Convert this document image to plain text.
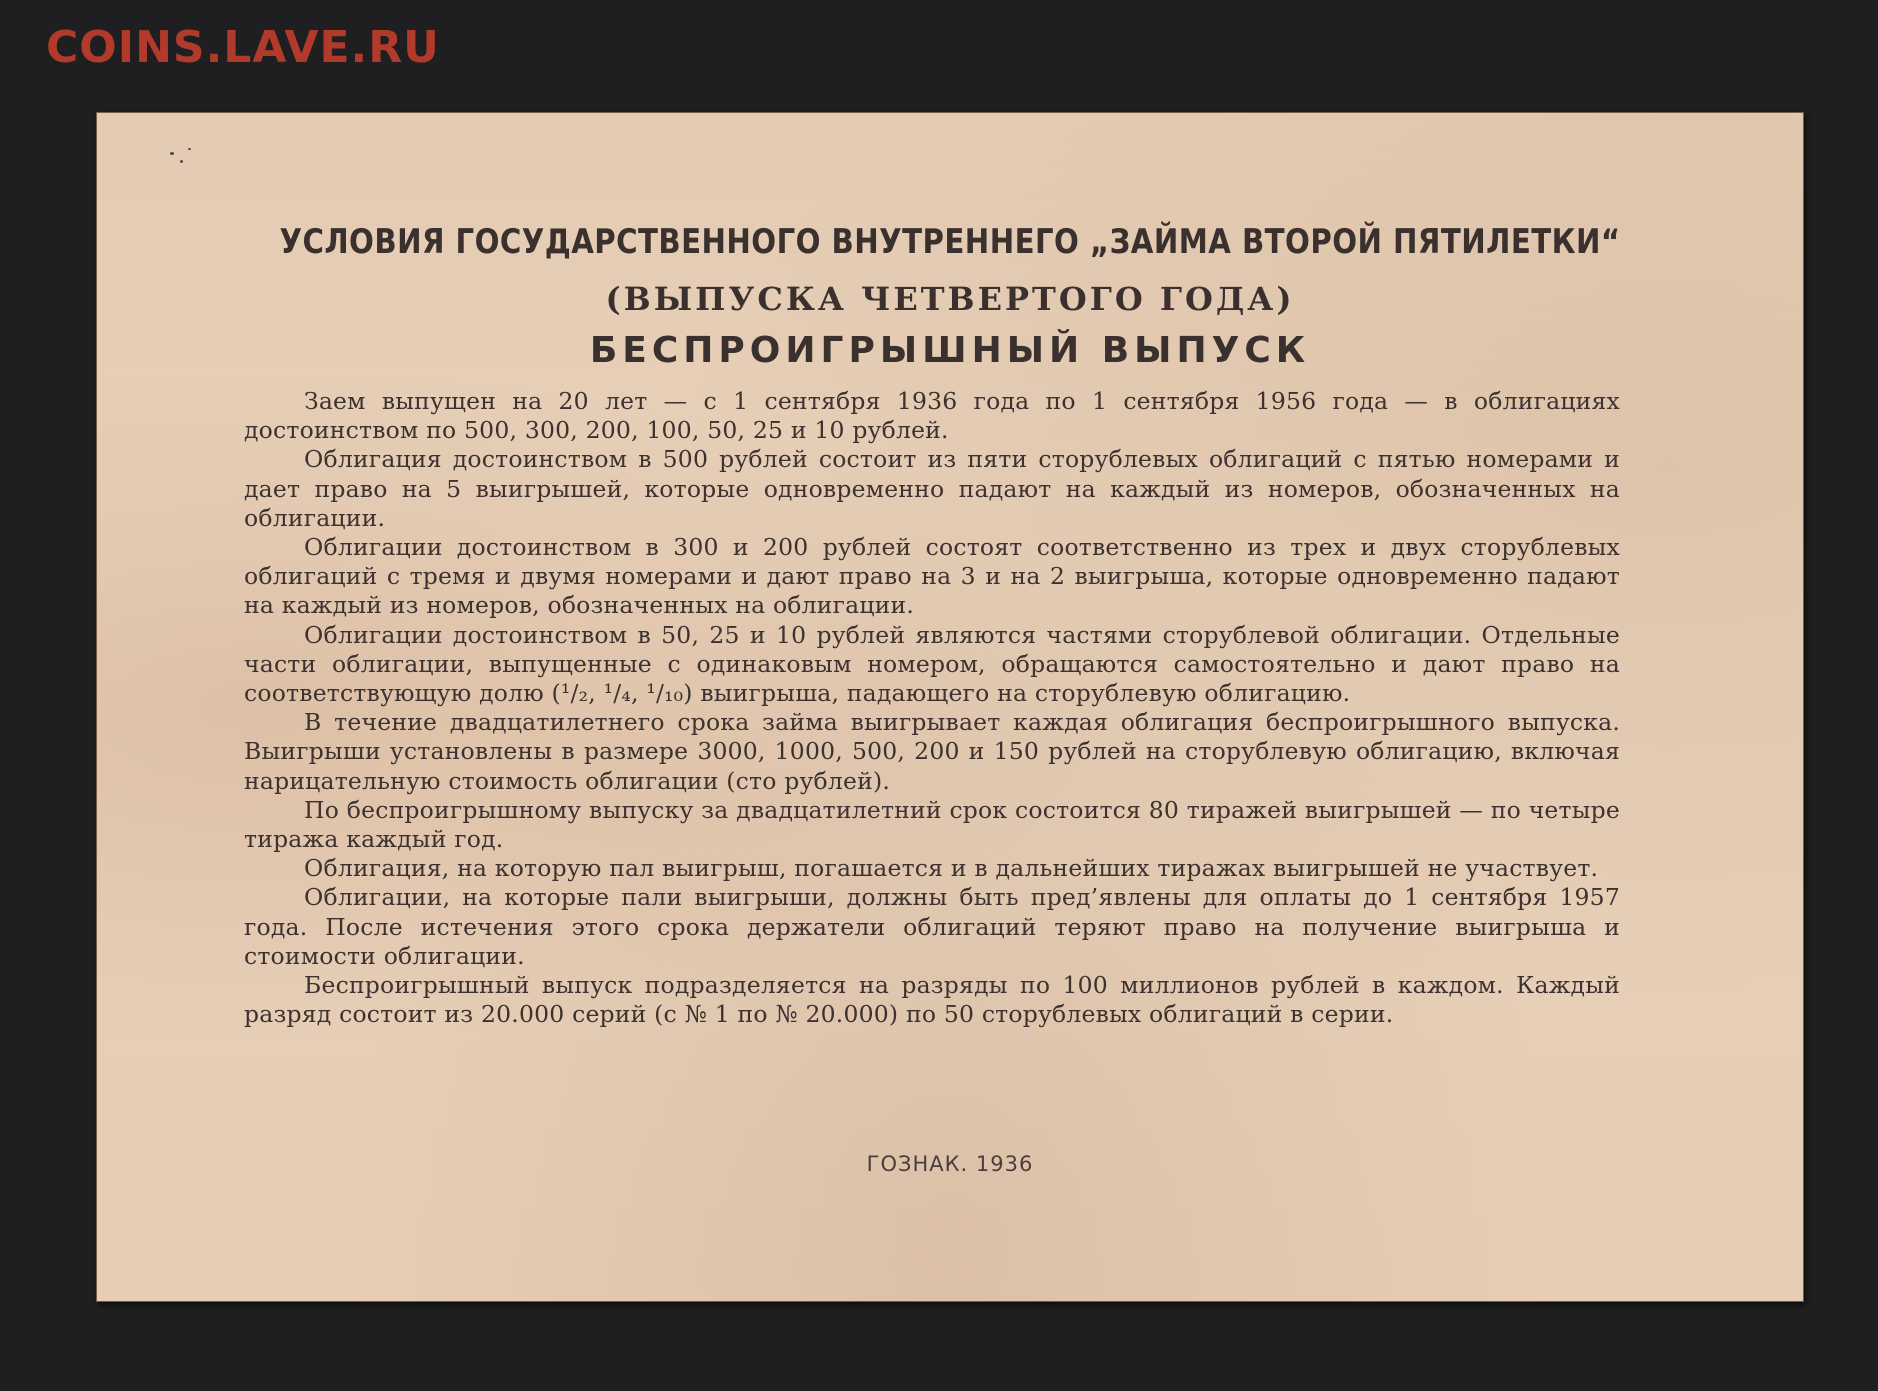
COINS.LAVE.RU
УСЛОВИЯ ГОСУДАРСТВЕННОГО ВНУТРЕННЕГО „ЗАЙМА ВТОРОЙ ПЯТИЛЕТКИ“
(ВЫПУСКА ЧЕТВЕРТОГО ГОДА)
БЕСПРОИГРЫШНЫЙ ВЫПУСК

Заем выпущен на 20 лет — с 1 сентября 1936 года по 1 сентября 1956 года — в облигациях достоинством по 500, 300, 200, 100, 50, 25 и 10 рублей.

Облигация достоинством в 500 рублей состоит из пяти сторублевых облигаций с пятью номерами и дает право на 5 выигрышей, которые одновременно падают на каждый из номеров, обозначенных на облигации.

Облигации достоинством в 300 и 200 рублей состоят соответственно из трех и двух сторублевых облигаций с тремя и двумя номерами и дают право на 3 и на 2 выигрыша, которые одновременно падают на каждый из номеров, обозначенных на облигации.

Облигации достоинством в 50, 25 и 10 рублей являются частями сторублевой облигации. Отдельные части облигации, выпущенные с одинаковым номером, обращаются самостоятельно и дают право на соответствующую долю (¹/₂, ¹/₄, ¹/₁₀) выигрыша, падающего на сторублевую облигацию.

В течение двадцатилетнего срока займа выигрывает каждая облигация беспроигрышного выпуска. Выигрыши установлены в размере 3000, 1000, 500, 200 и 150 рублей на сторублевую облигацию, включая нарицательную стоимость облигации (сто рублей).

По беспроигрышному выпуску за двадцатилетний срок состоится 80 тиражей выигрышей — по четыре тиража каждый год.

Облигация, на которую пал выигрыш, погашается и в дальнейших тиражах выигрышей не участвует.

Облигации, на которые пали выигрыши, должны быть пред’явлены для оплаты до 1 сентября 1957 года. После истечения этого срока держатели облигаций теряют право на получение выигрыша и стоимости облигации.

Беспроигрышный выпуск подразделяется на разряды по 100 миллионов рублей в каждом. Каждый разряд состоит из 20.000 серий (с № 1 по № 20.000) по 50 сторублевых облигаций в серии.

ГОЗНАК. 1936
